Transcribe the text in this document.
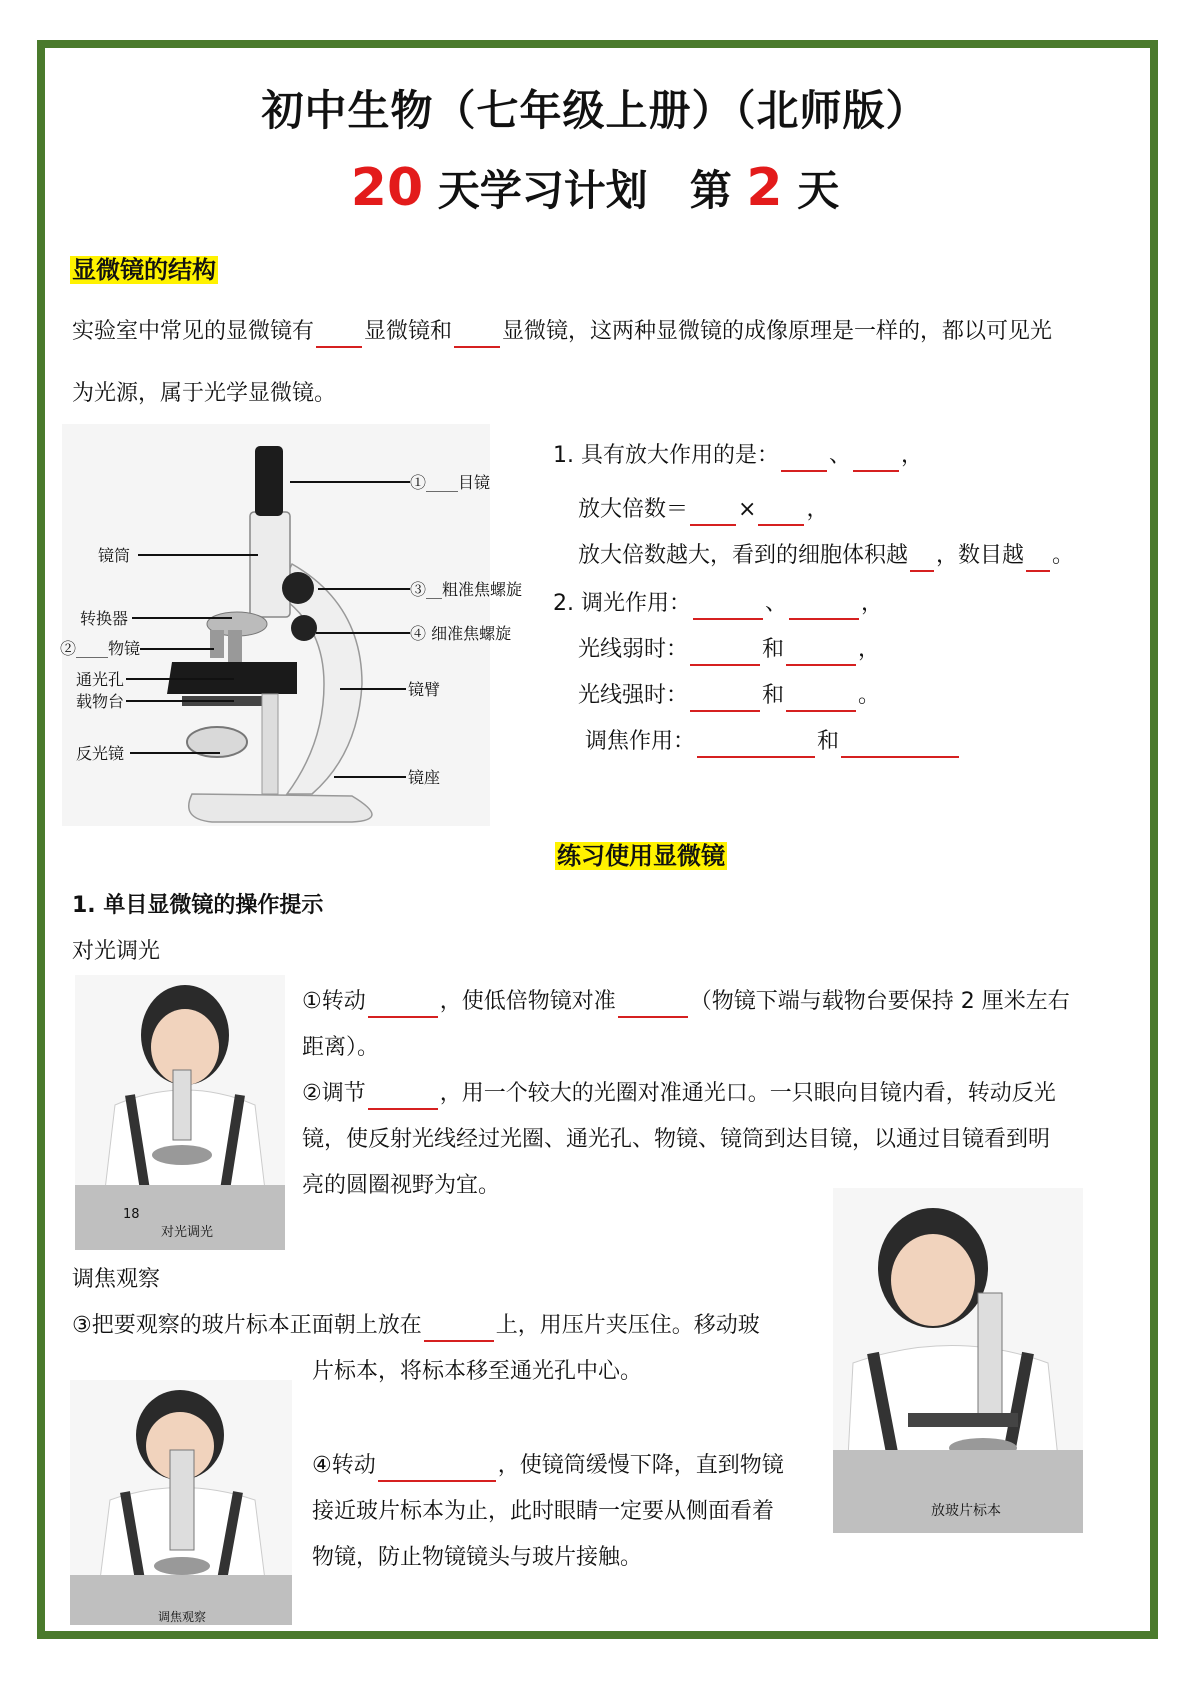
初中生物（七年级上册）（北师版）
20 天学习计划　第 2 天
显微镜的结构
实验室中常见的显微镜有 显微镜和 显微镜，这两种显微镜的成像原理是一样的，都以可见光
为光源，属于光学显微镜。
①____目镜
镜筒
③__粗准焦螺旋
④ 细准焦螺旋
转换器
②____物镜
通光孔
载物台
镜臂
反光镜
镜座
1. 具有放大作用的是： 、 ，
放大倍数＝ × ，
放大倍数越大，看到的细胞体积越 ，数目越 。
2. 调光作用：	、	，
光线弱时：	和	，
光线强时：	和	。
调焦作用：	和
练习使用显微镜
1. 单目显微镜的操作提示
对光调光
18
对光调光
①转动	，使低倍物镜对准	（物镜下端与载物台要保持 2 厘米左右
距离）。
②调节	，用一个较大的光圈对准通光口。一只眼向目镜内看，转动反光
镜，使反射光线经过光圈、通光孔、物镜、镜筒到达目镜，以通过目镜看到明
亮的圆圈视野为宜。
放玻片标本
调焦观察
③把要观察的玻片标本正面朝上放在	上，用压片夹压住。移动玻
片标本，将标本移至通光孔中心。
调焦观察
④转动	，使镜筒缓慢下降，直到物镜
接近玻片标本为止，此时眼睛一定要从侧面看着
物镜，防止物镜镜头与玻片接触。
